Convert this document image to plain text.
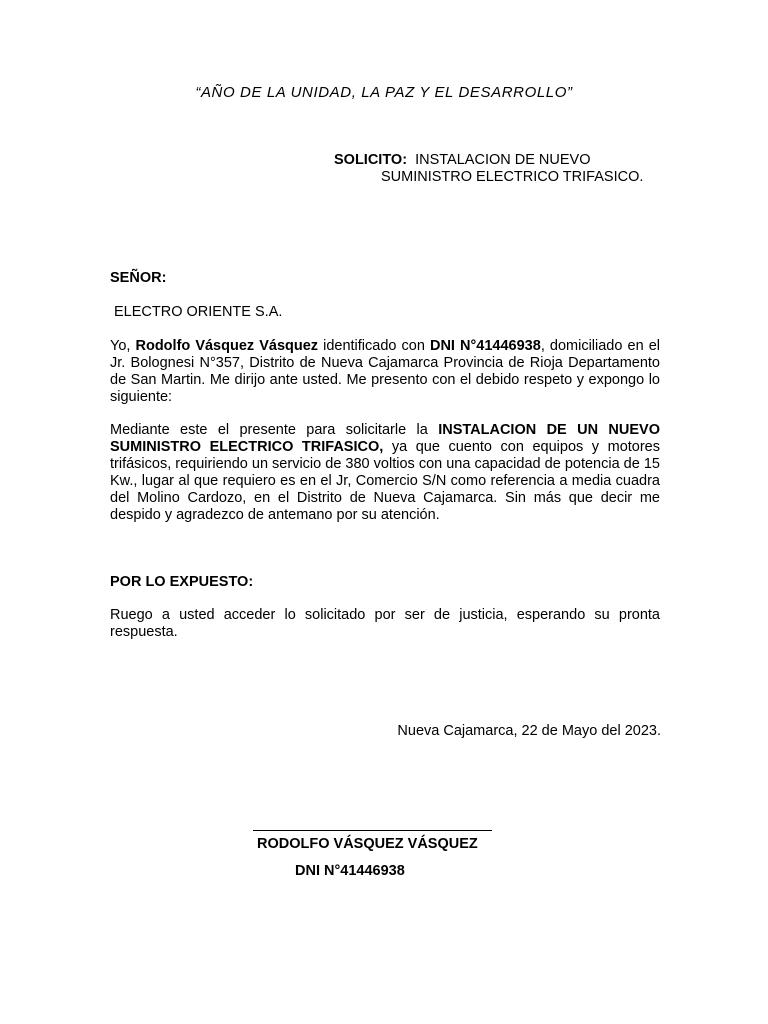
“AÑO DE LA UNIDAD, LA PAZ Y EL DESARROLLO”
SOLICITO: INSTALACION DE NUEVO
SUMINISTRO ELECTRICO TRIFASICO.
SEÑOR:
ELECTRO ORIENTE S.A.
Yo, Rodolfo Vásquez Vásquez identificado con DNI N°41446938, domiciliado en el Jr. Bolognesi N°357, Distrito de Nueva Cajamarca Provincia de Rioja Departamento de San Martin. Me dirijo ante usted. Me presento con el debido respeto y expongo lo siguiente:
Mediante este el presente para solicitarle la INSTALACION DE UN NUEVO SUMINISTRO ELECTRICO TRIFASICO, ya que cuento con equipos y motores trifásicos, requiriendo un servicio de 380 voltios con una capacidad de potencia de 15 Kw., lugar al que requiero es en el Jr, Comercio S/N como referencia a media cuadra del Molino Cardozo, en el Distrito de Nueva Cajamarca. Sin más que decir me despido y agradezco de antemano por su atención.
POR LO EXPUESTO:
Ruego a usted acceder lo solicitado por ser de justicia, esperando su pronta respuesta.
Nueva Cajamarca, 22 de Mayo del 2023.
RODOLFO VÁSQUEZ VÁSQUEZ
DNI N°41446938
